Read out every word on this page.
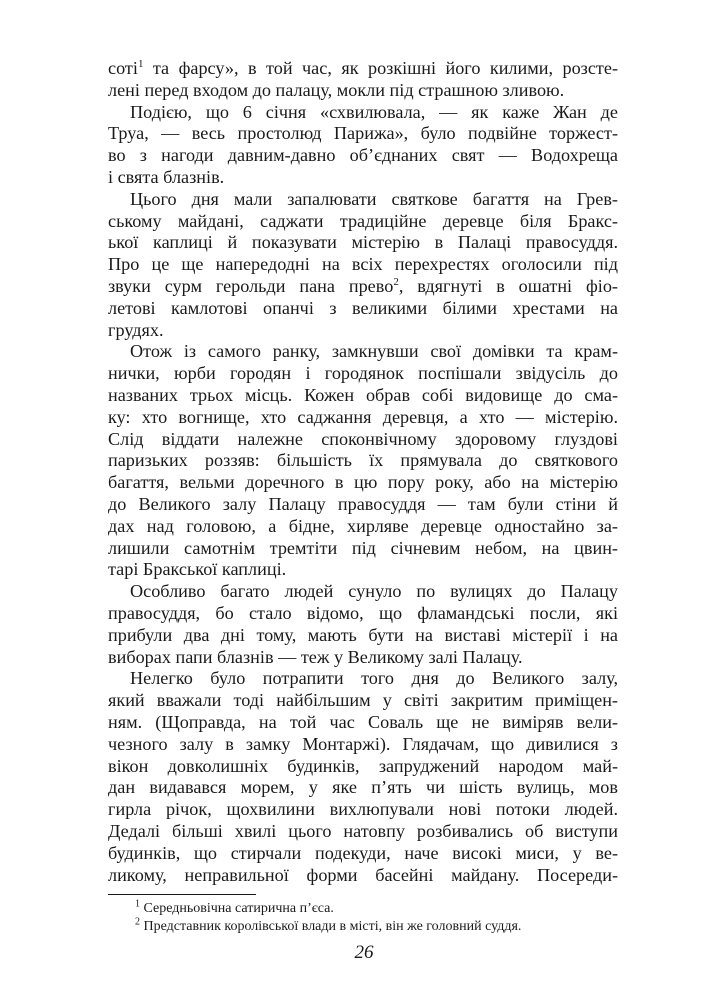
соті$^1$ та фарсу», в той час, як розкішні його килими, розсте-
лені перед входом до палацу, мокли під страшною зливою.
Подією, що 6 січня «схвилювала, — як каже Жан де
Труа, — весь простолюд Парижа», було подвійне торжест-
во з нагоди давним-давно об’єднаних свят — Водохреща
і свята блазнів.
Цього дня мали запалювати святкове багаття на Грев-
ському майдані, саджати традиційне деревце біля Бракс-
ької каплиці й показувати містерію в Палаці правосуддя.
Про це ще напередодні на всіх перехрестях оголосили під
звуки сурм герольди пана прево$^2$, вдягнуті в ошатні фіо-
летові камлотові опанчі з великими білими хрестами на
грудях.
Отож із самого ранку, замкнувши свої домівки та крам-
нички, юрби городян і городянок поспішали звідусіль до
названих трьох місць. Кожен обрав собі видовище до сма-
ку: хто вогнище, хто саджання деревця, а хто — містерію.
Слід віддати належне споконвічному здоровому глуздові
паризьких роззяв: більшість їх прямувала до святкового
багаття, вельми доречного в цю пору року, або на містерію
до Великого залу Палацу правосуддя — там були стіни й
дах над головою, а бідне, хирляве деревце одностайно за-
лишили самотнім тремтіти під січневим небом, на цвин-
тарі Бракської каплиці.
Особливо багато людей сунуло по вулицях до Палацу
правосуддя, бо стало відомо, що фламандські посли, які
прибули два дні тому, мають бути на виставі містерії і на
виборах папи блазнів — теж у Великому залі Палацу.
Нелегко було потрапити того дня до Великого залу,
який вважали тоді найбільшим у світі закритим приміщен-
ням. (Щоправда, на той час Соваль ще не виміряв вели-
чезного залу в замку Монтаржі). Глядачам, що дивилися з
вікон довколишніх будинків, запруджений народом май-
дан видавався морем, у яке п’ять чи шість вулиць, мов
гирла річок, щохвилини вихлюпували нові потоки людей.
Дедалі більші хвилі цього натовпу розбивались об виступи
будинків, що стирчали подекуди, наче високі миси, у ве-
ликому, неправильної форми басейні майдану. Посереди-
$^1$ Середньовічна сатирична п’єса.
$^2$ Представник королівської влади в місті, він же головний суддя.
26
